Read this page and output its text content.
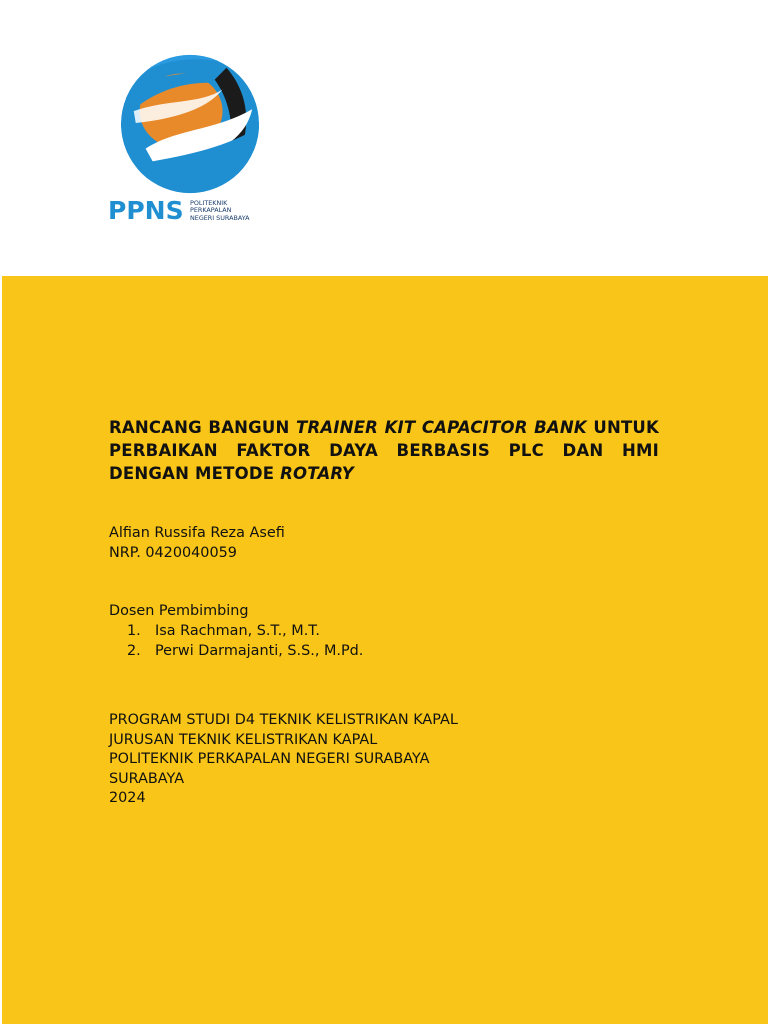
PPNS POLITEKNIK
PERKAPALAN
NEGERI SURABAYA
RANCANG BANGUN TRAINER KIT CAPACITOR BANK UNTUK
PERBAIKAN FAKTOR DAYA BERBASIS PLC DAN HMI
DENGAN METODE ROTARY
Alfian Russifa Reza Asefi
NRP. 0420040059
Dosen Pembimbing
1. Isa Rachman, S.T., M.T.
2. Perwi Darmajanti, S.S., M.Pd.
PROGRAM STUDI D4 TEKNIK KELISTRIKAN KAPAL
JURUSAN TEKNIK KELISTRIKAN KAPAL
POLITEKNIK PERKAPALAN NEGERI SURABAYA
SURABAYA
2024
